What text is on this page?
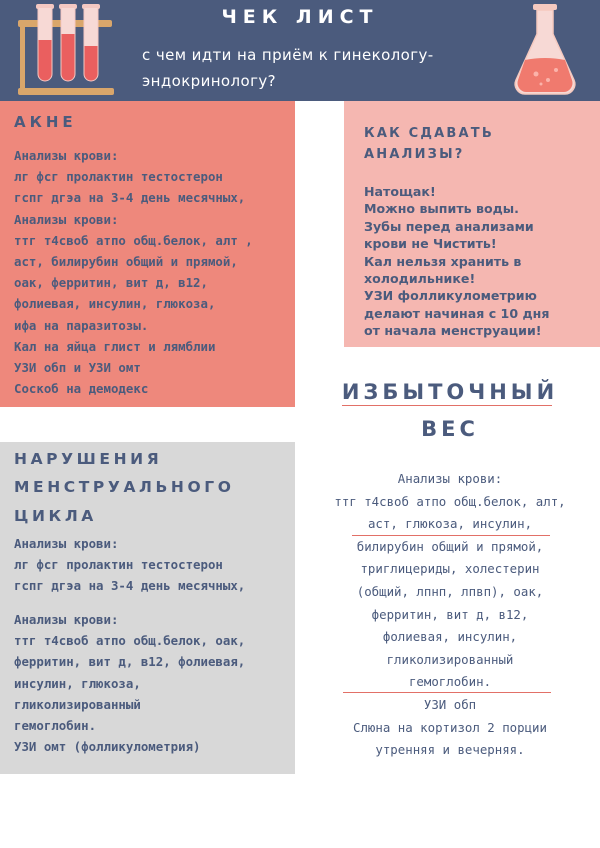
ЧЕК ЛИСТ
с чем идти на приём к гинекологу-
эндокринологу?
АКНЕ
Анализы крови:
лг фсг пролактин тестостерон
гспг дгэа на 3-4 день месячных,
Анализы крови:
ттг т4своб атпо общ.белок, алт ,
аст, билирубин общий и прямой,
оак, ферритин, вит д, в12,
фолиевая, инсулин, глюкоза,
ифа на паразитозы.
Кал на яйца глист и лямблии
УЗИ обп и УЗИ омт
Соскоб на демодекс
КАК СДАВАТЬ
АНАЛИЗЫ?
Натощак!
Можно выпить воды.
Зубы перед анализами
крови не Чистить!
Кал нельзя хранить в
холодильнике!
УЗИ фолликулометрию
делают начиная с 10 дня
от начала менструации!
ИЗБЫТОЧНЫЙ
ВЕС
Анализы крови:
ттг т4своб атпо общ.белок, алт,
аст, глюкоза, инсулин,
билирубин общий и прямой,
триглицериды, холестерин
(общий, лпнп, лпвп), оак,
ферритин, вит д, в12,
фолиевая, инсулин,
гликолизированный
гемоглобин.
УЗИ обп
Слюна на кортизол 2 порции
утренняя и вечерняя.
НАРУШЕНИЯ
МЕНСТРУАЛЬНОГО
ЦИКЛА
Анализы крови:
лг фсг пролактин тестостерон
гспг дгэа на 3-4 день месячных,
Анализы крови:
ттг т4своб атпо общ.белок, оак,
ферритин, вит д, в12, фолиевая,
инсулин, глюкоза,
гликолизированный
гемоглобин.
УЗИ омт (фолликулометрия)
